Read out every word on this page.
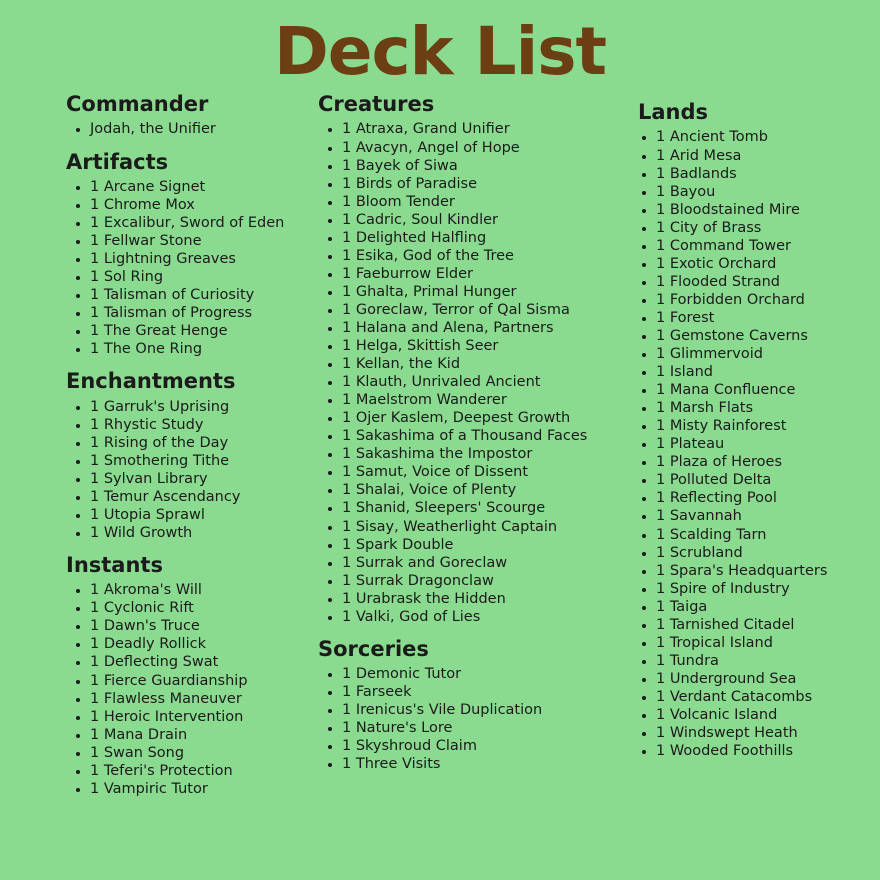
Deck List
Commander
• Jodah, the Unifier
Artifacts
• 1 Arcane Signet
• 1 Chrome Mox
• 1 Excalibur, Sword of Eden
• 1 Fellwar Stone
• 1 Lightning Greaves
• 1 Sol Ring
• 1 Talisman of Curiosity
• 1 Talisman of Progress
• 1 The Great Henge
• 1 The One Ring
Enchantments
• 1 Garruk's Uprising
• 1 Rhystic Study
• 1 Rising of the Day
• 1 Smothering Tithe
• 1 Sylvan Library
• 1 Temur Ascendancy
• 1 Utopia Sprawl
• 1 Wild Growth
Instants
• 1 Akroma's Will
• 1 Cyclonic Rift
• 1 Dawn's Truce
• 1 Deadly Rollick
• 1 Deflecting Swat
• 1 Fierce Guardianship
• 1 Flawless Maneuver
• 1 Heroic Intervention
• 1 Mana Drain
• 1 Swan Song
• 1 Teferi's Protection
• 1 Vampiric Tutor
Creatures
• 1 Atraxa, Grand Unifier
• 1 Avacyn, Angel of Hope
• 1 Bayek of Siwa
• 1 Birds of Paradise
• 1 Bloom Tender
• 1 Cadric, Soul Kindler
• 1 Delighted Halfling
• 1 Esika, God of the Tree
• 1 Faeburrow Elder
• 1 Ghalta, Primal Hunger
• 1 Goreclaw, Terror of Qal Sisma
• 1 Halana and Alena, Partners
• 1 Helga, Skittish Seer
• 1 Kellan, the Kid
• 1 Klauth, Unrivaled Ancient
• 1 Maelstrom Wanderer
• 1 Ojer Kaslem, Deepest Growth
• 1 Sakashima of a Thousand Faces
• 1 Sakashima the Impostor
• 1 Samut, Voice of Dissent
• 1 Shalai, Voice of Plenty
• 1 Shanid, Sleepers' Scourge
• 1 Sisay, Weatherlight Captain
• 1 Spark Double
• 1 Surrak and Goreclaw
• 1 Surrak Dragonclaw
• 1 Urabrask the Hidden
• 1 Valki, God of Lies
Sorceries
• 1 Demonic Tutor
• 1 Farseek
• 1 Irenicus's Vile Duplication
• 1 Nature's Lore
• 1 Skyshroud Claim
• 1 Three Visits
Lands
• 1 Ancient Tomb
• 1 Arid Mesa
• 1 Badlands
• 1 Bayou
• 1 Bloodstained Mire
• 1 City of Brass
• 1 Command Tower
• 1 Exotic Orchard
• 1 Flooded Strand
• 1 Forbidden Orchard
• 1 Forest
• 1 Gemstone Caverns
• 1 Glimmervoid
• 1 Island
• 1 Mana Confluence
• 1 Marsh Flats
• 1 Misty Rainforest
• 1 Plateau
• 1 Plaza of Heroes
• 1 Polluted Delta
• 1 Reflecting Pool
• 1 Savannah
• 1 Scalding Tarn
• 1 Scrubland
• 1 Spara's Headquarters
• 1 Spire of Industry
• 1 Taiga
• 1 Tarnished Citadel
• 1 Tropical Island
• 1 Tundra
• 1 Underground Sea
• 1 Verdant Catacombs
• 1 Volcanic Island
• 1 Windswept Heath
• 1 Wooded Foothills
